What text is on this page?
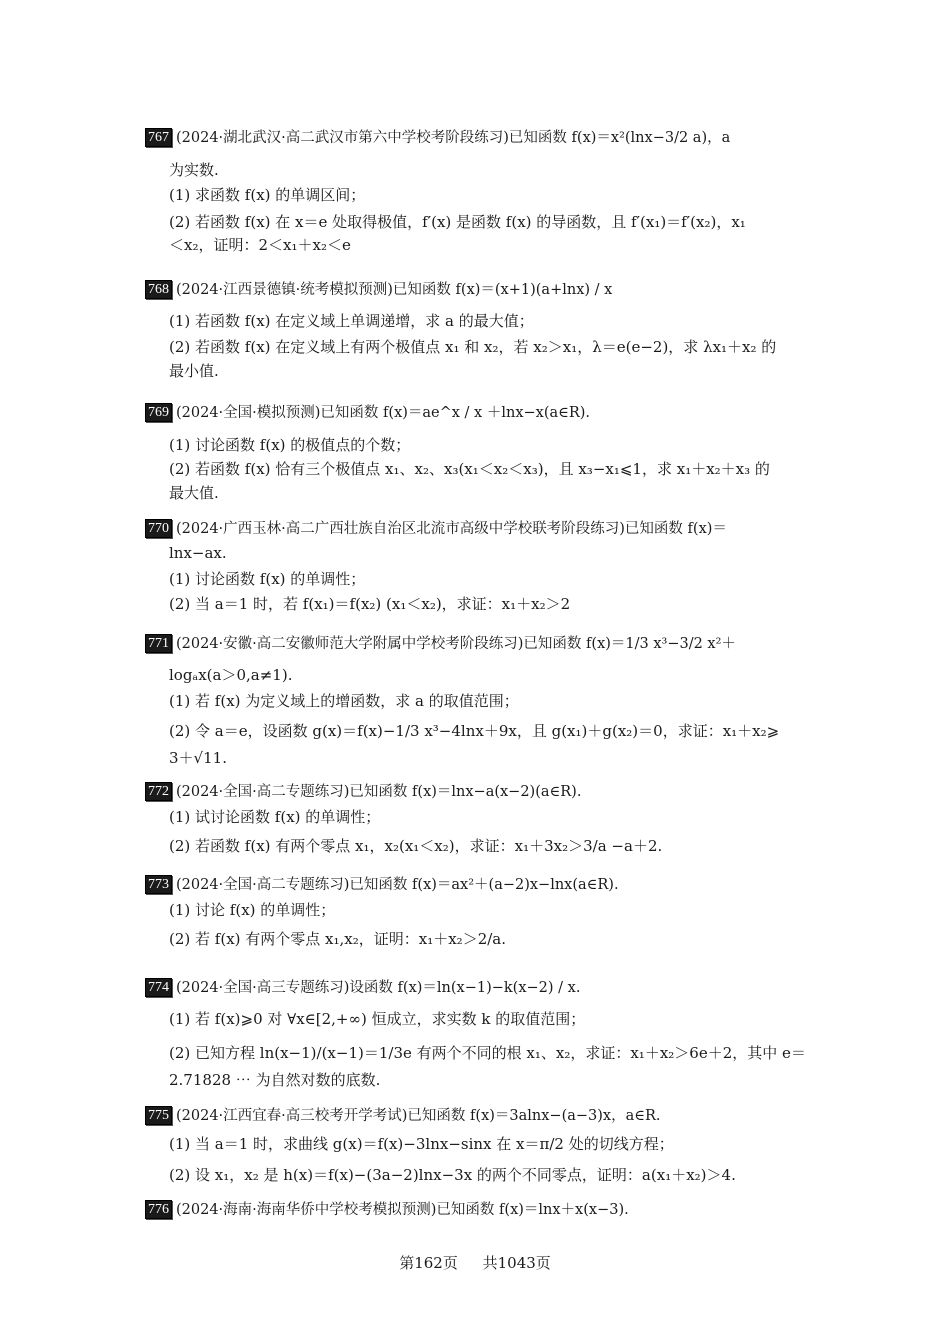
767 (2024·湖北武汉·高二武汉市第六中学校考阶段练习)已知函数 f(x)＝x²(lnx−3/2 a)，a
为实数.
(1) 求函数 f(x) 的单调区间；
(2) 若函数 f(x) 在 x＝e 处取得极值，f′(x) 是函数 f(x) 的导函数，且 f′(x₁)＝f′(x₂)，x₁
＜x₂，证明：2＜x₁＋x₂＜e
768 (2024·江西景德镇·统考模拟预测)已知函数 f(x)＝(x+1)(a+lnx) / x
(1) 若函数 f(x) 在定义域上单调递增，求 a 的最大值；
(2) 若函数 f(x) 在定义域上有两个极值点 x₁ 和 x₂，若 x₂＞x₁，λ＝e(e−2)，求 λx₁＋x₂ 的
最小值.
769 (2024·全国·模拟预测)已知函数 f(x)＝ae^x / x ＋lnx−x(a∈R).
(1) 讨论函数 f(x) 的极值点的个数；
(2) 若函数 f(x) 恰有三个极值点 x₁、x₂、x₃(x₁＜x₂＜x₃)，且 x₃−x₁⩽1，求 x₁＋x₂＋x₃ 的
最大值.
770 (2024·广西玉林·高二广西壮族自治区北流市高级中学校联考阶段练习)已知函数 f(x)＝
lnx−ax.
(1) 讨论函数 f(x) 的单调性；
(2) 当 a＝1 时，若 f(x₁)＝f(x₂) (x₁＜x₂)，求证：x₁＋x₂＞2
771 (2024·安徽·高二安徽师范大学附属中学校考阶段练习)已知函数 f(x)＝1/3 x³−3/2 x²＋
logₐx(a＞0,a≠1).
(1) 若 f(x) 为定义域上的增函数，求 a 的取值范围；
(2) 令 a＝e，设函数 g(x)＝f(x)−1/3 x³−4lnx＋9x，且 g(x₁)＋g(x₂)＝0，求证：x₁＋x₂⩾
3＋√11.
772 (2024·全国·高二专题练习)已知函数 f(x)＝lnx−a(x−2)(a∈R).
(1) 试讨论函数 f(x) 的单调性；
(2) 若函数 f(x) 有两个零点 x₁，x₂(x₁＜x₂)，求证：x₁＋3x₂＞3/a −a＋2.
773 (2024·全国·高二专题练习)已知函数 f(x)＝ax²＋(a−2)x−lnx(a∈R).
(1) 讨论 f(x) 的单调性；
(2) 若 f(x) 有两个零点 x₁,x₂，证明：x₁＋x₂＞2/a.
774 (2024·全国·高三专题练习)设函数 f(x)＝ln(x−1)−k(x−2) / x.
(1) 若 f(x)⩾0 对 ∀x∈[2,+∞) 恒成立，求实数 k 的取值范围；
(2) 已知方程 ln(x−1)/(x−1)＝1/3e 有两个不同的根 x₁、x₂，求证：x₁＋x₂＞6e＋2，其中 e＝
2.71828 ⋯ 为自然对数的底数.
775 (2024·江西宜春·高三校考开学考试)已知函数 f(x)＝3alnx−(a−3)x，a∈R.
(1) 当 a＝1 时，求曲线 g(x)＝f(x)−3lnx−sinx 在 x＝π/2 处的切线方程；
(2) 设 x₁，x₂ 是 h(x)＝f(x)−(3a−2)lnx−3x 的两个不同零点，证明：a(x₁＋x₂)＞4.
776 (2024·海南·海南华侨中学校考模拟预测)已知函数 f(x)＝lnx＋x(x−3).
第162页 共1043页
